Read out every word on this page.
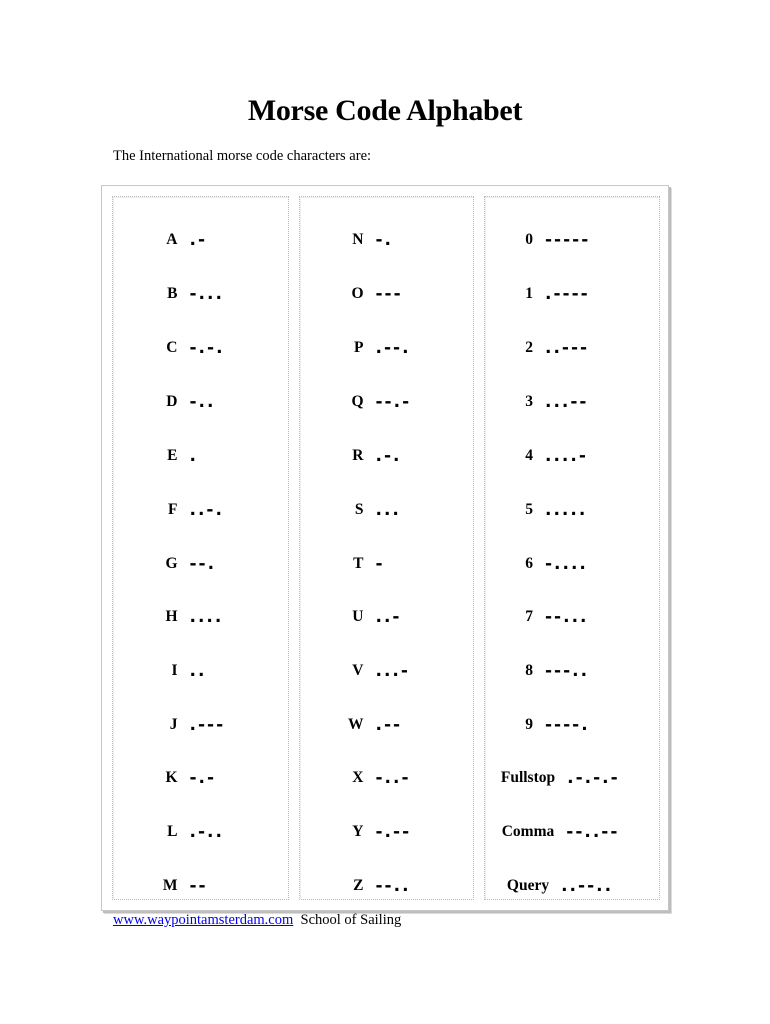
Morse Code Alphabet
The International morse code characters are:
A .-
B -...
C -.-.
D -..
E .
F ..-.
G --.
H ....
I ..
J .---
K -.-
L .-..
M --
N -.
O ---
P .--.
Q --.-
R .-.
S ...
T -
U ..-
V ...-
W .--
X -..-
Y -.--
Z --..
0 -----
1 .----
2 ..---
3 ...--
4 ....-
5 .....
6 -....
7 --...
8 ---..
9 ----.
Fullstop .-.-.-
Comma --..--
Query ..--..
www.waypointamsterdam.com School of Sailing
